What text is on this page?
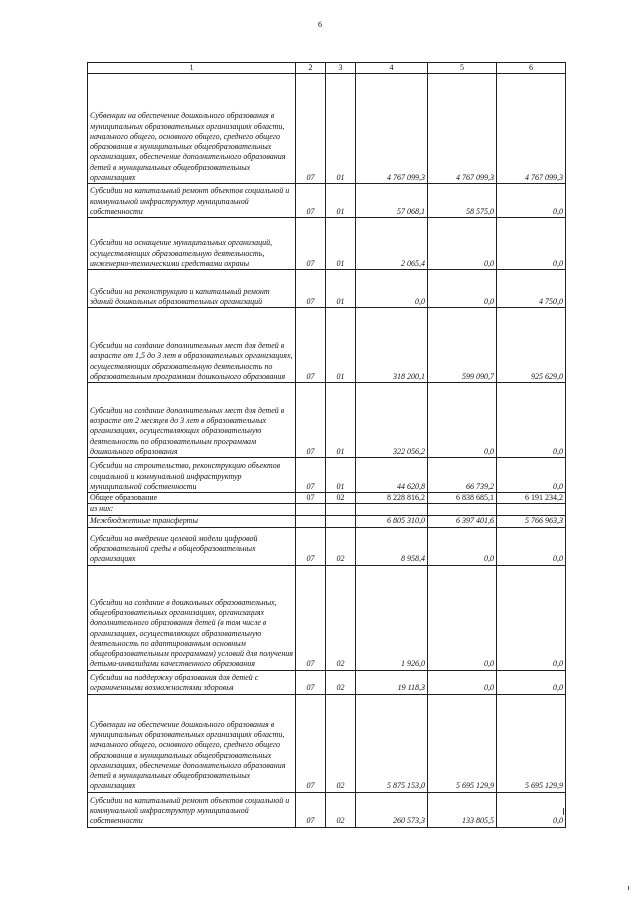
6
1	2	3	4	5	6
Субвенции на обеспечение дошкольного образования в муниципальных образовательных организациях области, начального общего, основного общего, среднего общего образования в муниципальных общеобразовательных организациях, обеспечение дополнительного образования детей в муниципальных общеобразовательных организациях	07	01	4 767 099,3	4 767 099,3	4 767 099,3
Субсидии на капитальный ремонт объектов социальной и коммунальной инфраструктур муниципальной собственности	07	01	57 068,1	58 575,0	0,0
Субсидии на оснащение муниципальных организаций, осуществляющих образовательную деятельность, инженерно-техническими средствами охраны	07	01	2 065,4	0,0	0,0
Субсидии на реконструкцию и капитальный ремонт зданий дошкольных образовательных организаций	07	01	0,0	0,0	4 750,0
Субсидии на создание дополнительных мест для детей в возрасте от 1,5 до 3 лет в образовательных организациях, осуществляющих образовательную деятельность по образовательным программам дошкольного образования	07	01	318 200,1	599 090,7	925 629,0
Субсидии на создание дополнительных мест для детей в возрасте от 2 месяцев до 3 лет в образовательных организациях, осуществляющих образовательную деятельность по образовательным программам дошкольного образования	07	01	322 056,2	0,0	0,0
Субсидии на строительство, реконструкцию объектов социальной и коммунальной инфраструктур муниципальной собственности	07	01	44 620,8	66 739,2	0,0
Общее образование	07	02	8 228 816,2	6 838 685,1	6 191 234,2
из них:					
Межбюджетные трансферты			6 805 310,0	6 397 401,6	5 766 963,3
Субсидии на внедрение целевой модели цифровой образовательной среды в общеобразовательных организациях	07	02	8 958,4	0,0	0,0
Субсидии на создание в дошкольных образовательных, общеобразовательных организациях, организациях дополнительного образования детей (в том числе в организациях, осуществляющих образовательную деятельность по адаптированным основным общеобразовательным программам) условий для получения детьми-инвалидами качественного образования	07	02	1 926,0	0,0	0,0
Субсидии на поддержку образования для детей с ограниченными возможностями здоровья	07	02	19 118,3	0,0	0,0
Субвенции на обеспечение дошкольного образования в муниципальных образовательных организациях области, начального общего, основного общего, среднего общего образования в муниципальных общеобразовательных организациях, обеспечение дополнительного образования детей в муниципальных общеобразовательных организациях	07	02	5 875 153,0	5 695 129,9	5 695 129,9
Субсидии на капитальный ремонт объектов социальной и коммунальной инфраструктур муниципальной собственности	07	02	260 573,3	133 805,5	0,0
